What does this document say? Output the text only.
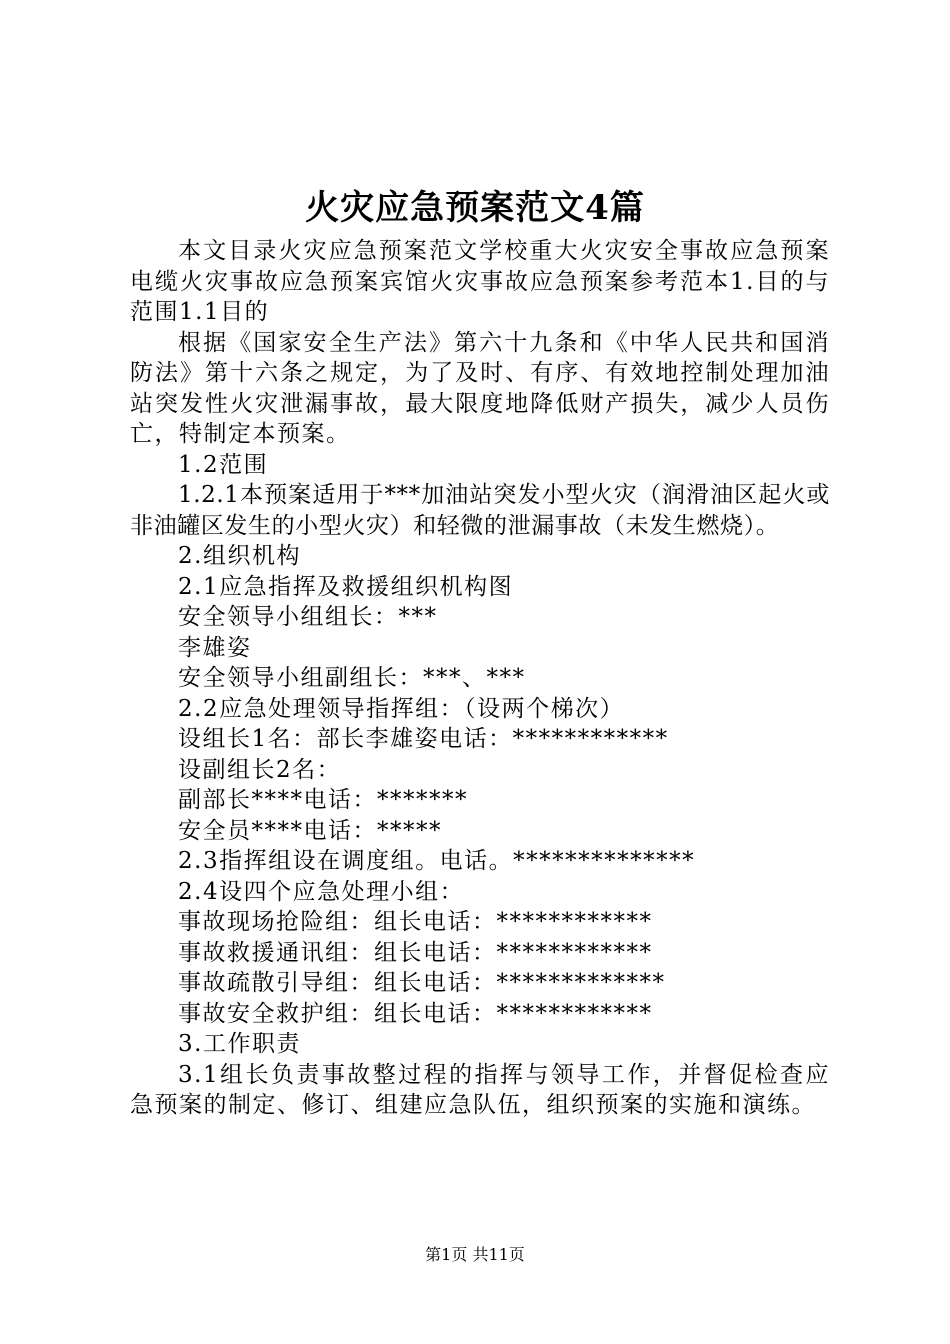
火灾应急预案范文4篇

本文目录火灾应急预案范文学校重大火灾安全事故应急预案电缆火灾事故应急预案宾馆火灾事故应急预案参考范本1.目的与范围1.1目的

根据《国家安全生产法》第六十九条和《中华人民共和国消防法》第十六条之规定，为了及时、有序、有效地控制处理加油站突发性火灾泄漏事故，最大限度地降低财产损失，减少人员伤亡，特制定本预案。

1.2范围

1.2.1本预案适用于***加油站突发小型火灾（润滑油区起火或非油罐区发生的小型火灾）和轻微的泄漏事故（未发生燃烧）。

2.组织机构

2.1应急指挥及救援组织机构图

安全领导小组组长：***

李雄姿

安全领导小组副组长：***、***

2.2应急处理领导指挥组：（设两个梯次）

设组长1名：部长李雄姿电话：************

设副组长2名：

副部长****电话：*******

安全员****电话：*****

2.3指挥组设在调度组。电话。**************

2.4设四个应急处理小组：

事故现场抢险组：组长电话：************

事故救援通讯组：组长电话：************

事故疏散引导组：组长电话：*************

事故安全救护组：组长电话：************

3.工作职责

3.1组长负责事故整过程的指挥与领导工作，并督促检查应急预案的制定、修订、组建应急队伍，组织预案的实施和演练。

第1页 共11页
